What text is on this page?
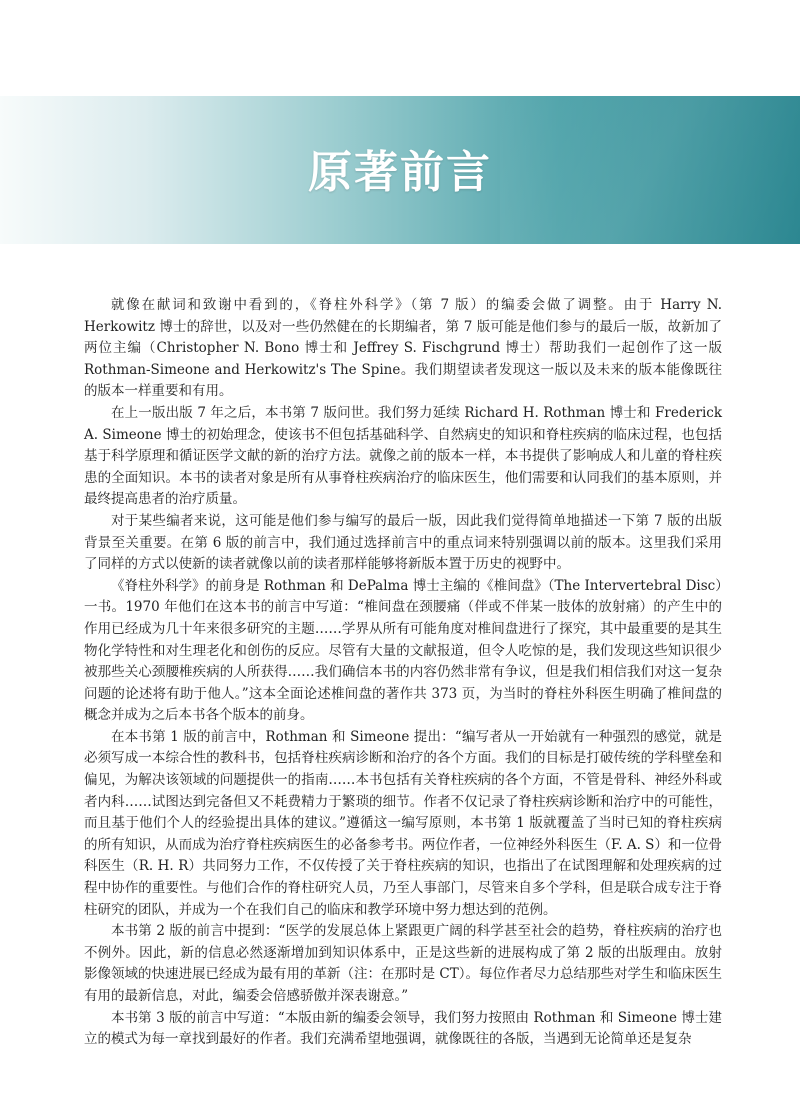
原著前言

就像在献词和致谢中看到的，《脊柱外科学》（第 7 版）的编委会做了调整。由于 Harry N. Herkowitz 博士的辞世，以及对一些仍然健在的长期编者，第 7 版可能是他们参与的最后一版，故新加了两位主编（Christopher N. Bono 博士和 Jeffrey S. Fischgrund 博士）帮助我们一起创作了这一版 Rothman-Simeone and Herkowitz's The Spine。我们期望读者发现这一版以及未来的版本能像既往的版本一样重要和有用。

在上一版出版 7 年之后，本书第 7 版问世。我们努力延续 Richard H. Rothman 博士和 Frederick A. Simeone 博士的初始理念，使该书不但包括基础科学、自然病史的知识和脊柱疾病的临床过程，也包括基于科学原理和循证医学文献的新的治疗方法。就像之前的版本一样，本书提供了影响成人和儿童的脊柱疾患的全面知识。本书的读者对象是所有从事脊柱疾病治疗的临床医生，他们需要和认同我们的基本原则，并最终提高患者的治疗质量。

对于某些编者来说，这可能是他们参与编写的最后一版，因此我们觉得简单地描述一下第 7 版的出版背景至关重要。在第 6 版的前言中，我们通过选择前言中的重点词来特别强调以前的版本。这里我们采用了同样的方式以使新的读者就像以前的读者那样能够将新版本置于历史的视野中。

《脊柱外科学》的前身是 Rothman 和 DePalma 博士主编的《椎间盘》（The Intervertebral Disc）一书。1970 年他们在这本书的前言中写道：“椎间盘在颈腰痛（伴或不伴某一肢体的放射痛）的产生中的作用已经成为几十年来很多研究的主题……学界从所有可能角度对椎间盘进行了探究，其中最重要的是其生物化学特性和对生理老化和创伤的反应。尽管有大量的文献报道，但令人吃惊的是，我们发现这些知识很少被那些关心颈腰椎疾病的人所获得……我们确信本书的内容仍然非常有争议，但是我们相信我们对这一复杂问题的论述将有助于他人。”这本全面论述椎间盘的著作共 373 页，为当时的脊柱外科医生明确了椎间盘的概念并成为之后本书各个版本的前身。

在本书第 1 版的前言中，Rothman 和 Simeone 提出：“编写者从一开始就有一种强烈的感觉，就是必须写成一本综合性的教科书，包括脊柱疾病诊断和治疗的各个方面。我们的目标是打破传统的学科壁垒和偏见，为解决该领域的问题提供一的指南……本书包括有关脊柱疾病的各个方面，不管是骨科、神经外科或者内科……试图达到完备但又不耗费精力于繁琐的细节。作者不仅记录了脊柱疾病诊断和治疗中的可能性，而且基于他们个人的经验提出具体的建议。”遵循这一编写原则，本书第 1 版就覆盖了当时已知的脊柱疾病的所有知识，从而成为治疗脊柱疾病医生的必备参考书。两位作者，一位神经外科医生（F. A. S）和一位骨科医生（R. H. R）共同努力工作，不仅传授了关于脊柱疾病的知识，也指出了在试图理解和处理疾病的过程中协作的重要性。与他们合作的脊柱研究人员，乃至人事部门，尽管来自多个学科，但是联合成专注于脊柱研究的团队，并成为一个在我们自己的临床和教学环境中努力想达到的范例。

本书第 2 版的前言中提到：“医学的发展总体上紧跟更广阔的科学甚至社会的趋势，脊柱疾病的治疗也不例外。因此，新的信息必然逐渐增加到知识体系中，正是这些新的进展构成了第 2 版的出版理由。放射影像领域的快速进展已经成为最有用的革新（注：在那时是 CT）。每位作者尽力总结那些对学生和临床医生有用的最新信息，对此，编委会倍感骄傲并深表谢意。”

本书第 3 版的前言中写道：“本版由新的编委会领导，我们努力按照由 Rothman 和 Simeone 博士建立的模式为每一章找到最好的作者。我们充满希望地强调，就像既往的各版，当遇到无论简单还是复杂
